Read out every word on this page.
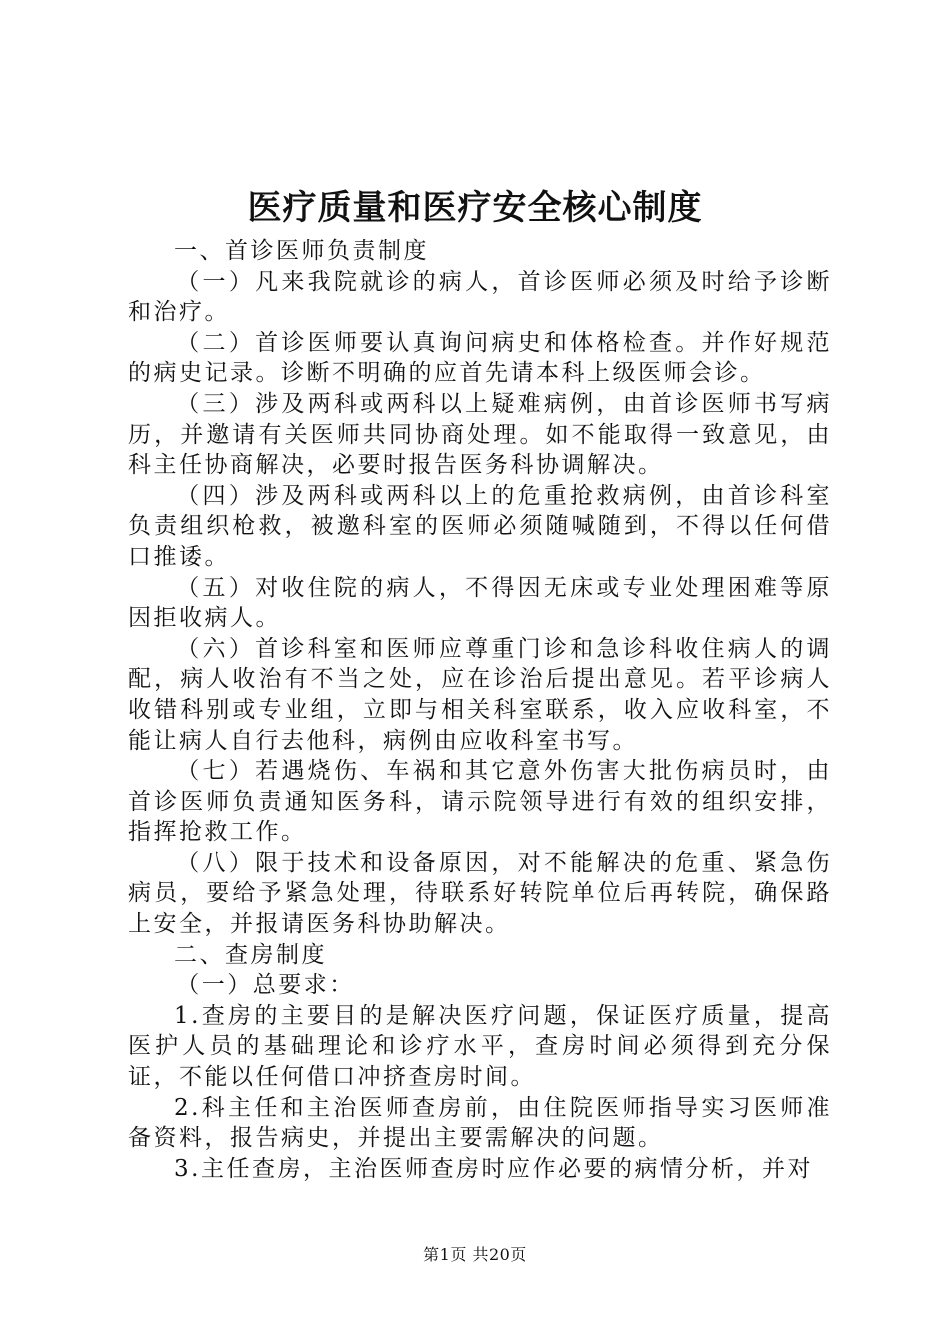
医疗质量和医疗安全核心制度

一、首诊医师负责制度

（一）凡来我院就诊的病人，首诊医师必须及时给予诊断和治疗。

（二）首诊医师要认真询问病史和体格检查。并作好规范的病史记录。诊断不明确的应首先请本科上级医师会诊。

（三）涉及两科或两科以上疑难病例，由首诊医师书写病历，并邀请有关医师共同协商处理。如不能取得一致意见，由科主任协商解决，必要时报告医务科协调解决。

（四）涉及两科或两科以上的危重抢救病例，由首诊科室负责组织枪救，被邀科室的医师必须随喊随到，不得以任何借口推诿。

（五）对收住院的病人，不得因无床或专业处理困难等原因拒收病人。

（六）首诊科室和医师应尊重门诊和急诊科收住病人的调配，病人收治有不当之处，应在诊治后提出意见。若平诊病人收错科别或专业组，立即与相关科室联系，收入应收科室，不能让病人自行去他科，病例由应收科室书写。

（七）若遇烧伤、车祸和其它意外伤害大批伤病员时，由首诊医师负责通知医务科，请示院领导进行有效的组织安排，指挥抢救工作。

（八）限于技术和设备原因，对不能解决的危重、紧急伤病员，要给予紧急处理，待联系好转院单位后再转院，确保路上安全，并报请医务科协助解决。

二、查房制度

（一）总要求：

1.查房的主要目的是解决医疗问题，保证医疗质量，提高医护人员的基础理论和诊疗水平，查房时间必须得到充分保证，不能以任何借口冲挤查房时间。

2.科主任和主治医师查房前，由住院医师指导实习医师准备资料，报告病史，并提出主要需解决的问题。

3.主任查房，主治医师查房时应作必要的病情分析，并对

第1页 共20页
